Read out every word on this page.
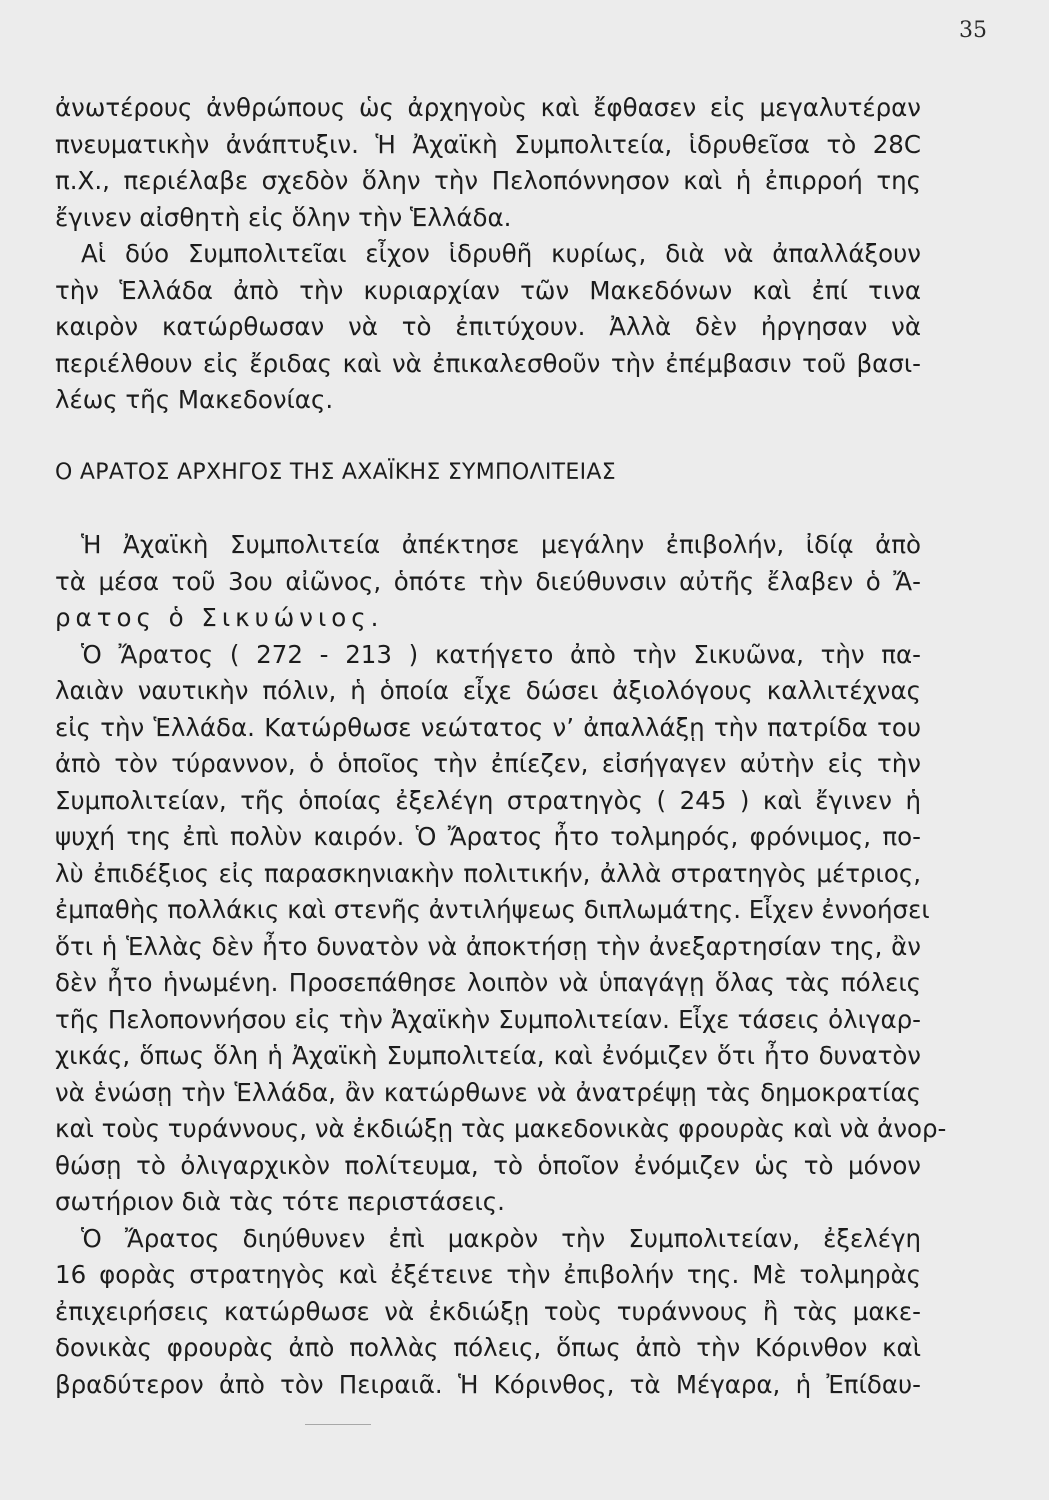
35
ἀνωτέρους ἀνθρώπους ὡς ἀρχηγοὺς καὶ ἔφθασεν εἰς μεγαλυτέραν
πνευματικὴν ἀνάπτυξιν. Ἡ Ἀχαϊκὴ Συμπολιτεία, ἱδρυθεῖσα τὸ 28C
π.Χ., περιέλαβε σχεδὸν ὅλην τὴν Πελοπόννησον καὶ ἡ ἐπιρροή της
ἔγινεν αἰσθητὴ εἰς ὅλην τὴν Ἑλλάδα.
Αἱ δύο Συμπολιτεῖαι εἶχον ἱδρυθῆ κυρίως, διὰ νὰ ἀπαλλάξουν
τὴν Ἑλλάδα ἀπὸ τὴν κυριαρχίαν τῶν Μακεδόνων καὶ ἐπί τινα
καιρὸν κατώρθωσαν νὰ τὸ ἐπιτύχουν. Ἀλλὰ δὲν ἠργησαν νὰ
περιέλθουν εἰς ἔριδας καὶ νὰ ἐπικαλεσθοῦν τὴν ἐπέμβασιν τοῦ βασι-
λέως τῆς Μακεδονίας.
Ο ΑΡΑΤΟΣ ΑΡΧΗΓΟΣ ΤΗΣ ΑΧΑΪΚΗΣ ΣΥΜΠΟΛΙΤΕΙΑΣ
Ἡ Ἀχαϊκὴ Συμπολιτεία ἀπέκτησε μεγάλην ἐπιβολήν, ἰδίᾳ ἀπὸ
τὰ μέσα τοῦ 3ου αἰῶνος, ὁπότε τὴν διεύθυνσιν αὐτῆς ἔλαβεν ὁ Ἄ-
ρατος ὁ Σικυώνιος.
Ὁ Ἄρατος ( 272 - 213 ) κατήγετο ἀπὸ τὴν Σικυῶνα, τὴν πα-
λαιὰν ναυτικὴν πόλιν, ἡ ὁποία εἶχε δώσει ἀξιολόγους καλλιτέχνας
εἰς τὴν Ἑλλάδα. Κατώρθωσε νεώτατος ν’ ἀπαλλάξῃ τὴν πατρίδα του
ἀπὸ τὸν τύραννον, ὁ ὁποῖος τὴν ἐπίεζεν, εἰσήγαγεν αὐτὴν εἰς τὴν
Συμπολιτείαν, τῆς ὁποίας ἐξελέγη στρατηγὸς ( 245 ) καὶ ἔγινεν ἡ
ψυχή της ἐπὶ πολὺν καιρόν. Ὁ Ἄρατος ἦτο τολμηρός, φρόνιμος, πο-
λὺ ἐπιδέξιος εἰς παρασκηνιακὴν πολιτικήν, ἀλλὰ στρατηγὸς μέτριος,
ἐμπαθὴς πολλάκις καὶ στενῆς ἀντιλήψεως διπλωμάτης. Εἶχεν ἐννοήσει
ὅτι ἡ Ἑλλὰς δὲν ἦτο δυνατὸν νὰ ἀποκτήσῃ τὴν ἀνεξαρτησίαν της, ἂν
δὲν ἦτο ἡνωμένη. Προσεπάθησε λοιπὸν νὰ ὑπαγάγῃ ὅλας τὰς πόλεις
τῆς Πελοποννήσου εἰς τὴν Ἀχαϊκὴν Συμπολιτείαν. Εἶχε τάσεις ὀλιγαρ-
χικάς, ὅπως ὅλη ἡ Ἀχαϊκὴ Συμπολιτεία, καὶ ἐνόμιζεν ὅτι ἦτο δυνατὸν
νὰ ἑνώσῃ τὴν Ἑλλάδα, ἂν κατώρθωνε νὰ ἀνατρέψῃ τὰς δημοκρατίας
καὶ τοὺς τυράννους, νὰ ἐκδιώξῃ τὰς μακεδονικὰς φρουρὰς καὶ νὰ ἀνορ-
θώσῃ τὸ ὀλιγαρχικὸν πολίτευμα, τὸ ὁποῖον ἐνόμιζεν ὡς τὸ μόνον
σωτήριον διὰ τὰς τότε περιστάσεις.
Ὁ Ἄρατος διηύθυνεν ἐπὶ μακρὸν τὴν Συμπολιτείαν, ἐξελέγη
16 φορὰς στρατηγὸς καὶ ἐξέτεινε τὴν ἐπιβολήν της. Μὲ τολμηρὰς
ἐπιχειρήσεις κατώρθωσε νὰ ἐκδιώξῃ τοὺς τυράννους ἢ τὰς μακε-
δονικὰς φρουρὰς ἀπὸ πολλὰς πόλεις, ὅπως ἀπὸ τὴν Κόρινθον καὶ
βραδύτερον ἀπὸ τὸν Πειραιᾶ. Ἡ Κόρινθος, τὰ Μέγαρα, ἡ Ἐπίδαυ-
